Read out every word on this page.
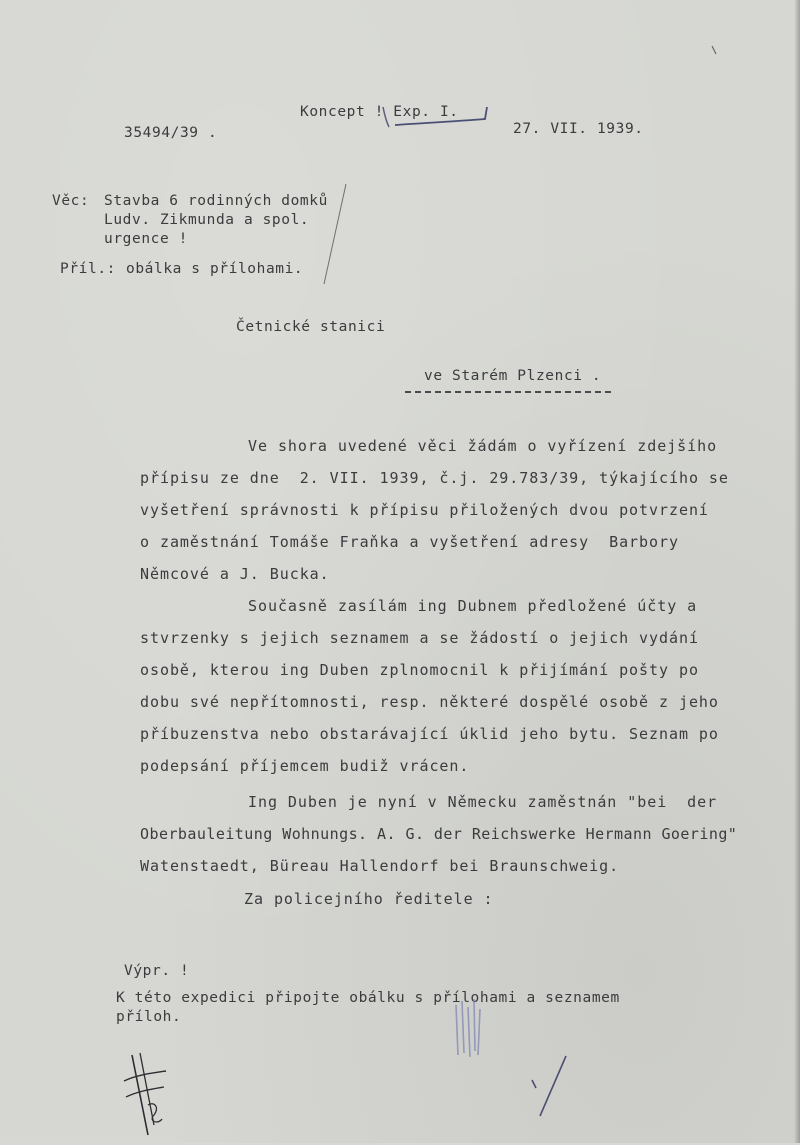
35494/39 .
Koncept ! Exp. I.
27. VII. 1939.
Věc: Stavba 6 rodinných domků
Ludv. Zikmunda a spol.
urgence !
Příl.: obálka s přílohami.
Četnické stanici
ve Starém Plzenci .
Ve shora uvedené věci žádám o vyřízení zdejšího
přípisu ze dne  2. VII. 1939, č.j. 29.783/39, týkajícího se
vyšetření správnosti k přípisu přiložených dvou potvrzení
o zaměstnání Tomáše Fraňka a vyšetření adresy  Barbory
Němcové a J. Bucka.
Současně zasílám ing Dubnem předložené účty a
stvrzenky s jejich seznamem a se žádostí o jejich vydání
osobě, kterou ing Duben zplnomocnil k přijímání pošty po
dobu své nepřítomnosti, resp. některé dospělé osobě z jeho
příbuzenstva nebo obstarávající úklid jeho bytu. Seznam po
podepsání příjemcem budiž vrácen.
Ing Duben je nyní v Německu zaměstnán "bei  der
Oberbauleitung Wohnungs. A. G. der Reichswerke Hermann Goering"
Watenstaedt, Büreau Hallendorf bei Braunschweig.
Za policejního ředitele :
Výpr. !
K této expedici připojte obálku s přílohami a seznamem
příloh.
